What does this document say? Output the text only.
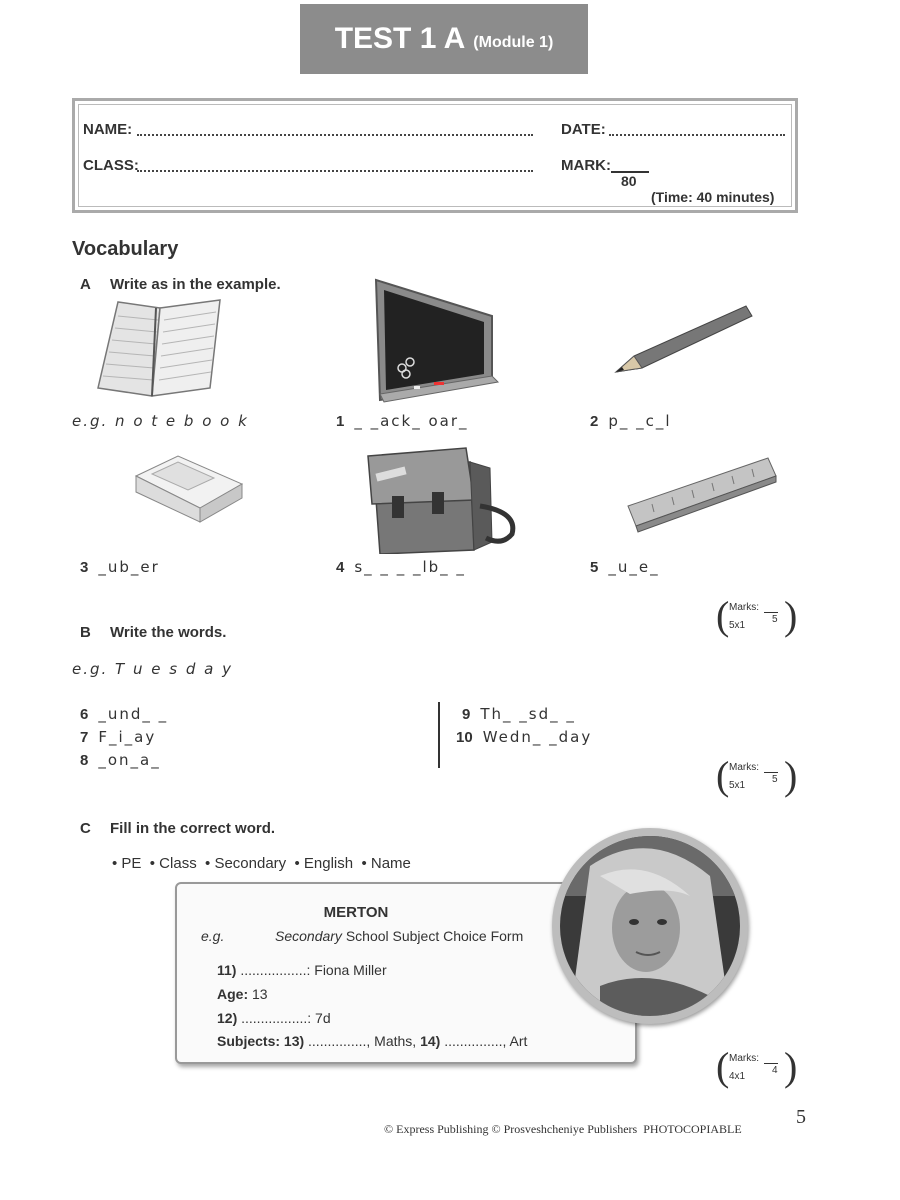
TEST 1 A (Module 1)
NAME:	DATE:
CLASS:	MARK:
80
(Time: 40 minutes)
Vocabulary
A Write as in the example.
e.g. n o t e b o o k	1 _ _ack_ oar_	2 p_ _c_l
3 _ub_er	4 s_ _ _ _lb_ _	5 _u_e_
( Marks:
5x1
5 )
B Write the words.
e.g. T u e s d a y
6 _und_ _
7 F_i_ay
8 _on_a_
9 Th_ _sd_ _
10 Wedn_ _day
( Marks:
5x1
5 )
C Fill in the correct word.
• PE  • Class  • Secondary  • English  • Name
MERTON
e.g.	Secondary School Subject Choice Form
11) .................: Fiona Miller
Age: 13
12) .................: 7d
Subjects: 13) ..............., Maths, 14) ..............., Art
( Marks:
4x1
4 )
© Express Publishing © Prosveshcheniye Publishers  PHOTOCOPIABLE
5
